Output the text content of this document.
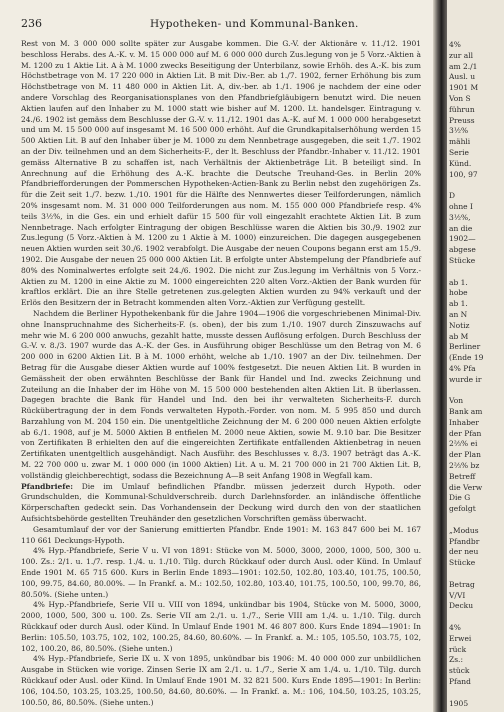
236	Hypotheken- und Kommunal-Banken.

Rest von M. 3 000 000 sollte später zur Ausgabe kommen. Die G.-V. der Aktionäre v. 11./12. 1901 beschloss Herabs. des A.-K. v. M. 15 000 000 auf M. 6 000 000 durch Zus.legung von je 5 Vorz.-Aktien à M. 1200 zu 1 Aktie Lit. A à M. 1000 zwecks Beseitigung der Unterbilanz, sowie Erhöh. des A.-K. bis zum Höchstbetrage von M. 17 220 000 in Aktien Lit. B mit Div.-Ber. ab 1./7. 1902, ferner Erhöhung bis zum Höchstbetrage von M. 11 480 000 in Aktien Lit. A, div.-ber. ab 1./1. 1906 je nachdem der eine oder andere Vorschlag des Reorganisationsplanes von den Pfandbriefgläubigern benutzt wird. Die neuen Aktien laufen auf den Inhaber zu M. 1000 statt wie bisher auf M. 1200. Lt. handelsger. Eintragung v. 24./6. 1902 ist gemäss dem Beschlusse der G.-V. v. 11./12. 1901 das A.-K. auf M. 1 000 000 herabgesetzt und um M. 15 500 000 auf insgesamt M. 16 500 000 erhöht. Auf die Grundkapitalserhöhung werden 15 500 Aktien Lit. B auf den Inhaber über je M. 1000 zu dem Nennbetrage ausgegeben, die seit 1./7. 1902 an der Div. teilnehmen und an dem Sicherheits-F., der lt. Beschluss der Pfandbr.-Inhaber v. 11./12. 1901 gemäss Alternative B zu schaffen ist, nach Verhältnis der Aktienbeträge Lit. B beteiligt sind. In Anrechnung auf die Erhöhung des A.-K. brachte die Deutsche Treuhand-Ges. in Berlin 20% Pfandbriefforderungen der Pommerschen Hypotheken-Actien-Bank zu Berlin nebst den zugehörigen Zs. für die Zeit seit 1./7. bezw. 1./10. 1901 für die Hälfte des Nennwertes dieser Teilforderungen, nämlich 20% insgesamt nom. M. 31 000 000 Teilforderungen aus nom. M. 155 000 000 Pfandbriefe resp. 4% teils 3½%, in die Ges. ein und erhielt dafür 15 500 für voll eingezahlt erachtete Aktien Lit. B zum Nennbetrage. Nach erfolgter Eintragung der obigen Beschlüsse waren die Aktien bis 30./9. 1902 zur Zus.legung (5 Vorz.-Aktien à M. 1200 zu 1 Aktie à M. 1000) einzureichen. Die dagegen ausgegebenen neuen Aktien wurden seit 30./6. 1902 verabfolgt. Die Ausgabe der neuen Coupons begann erst am 15./9. 1902. Die Ausgabe der neuen 25 000 000 Aktien Lit. B erfolgte unter Abstempelung der Pfandbriefe auf 80% des Nominalwertes erfolgte seit 24./6. 1902. Die nicht zur Zus.legung im Verhältnis von 5 Vorz.-Aktien zu M. 1200 in eine Aktie zu M. 1000 eingereichten 220 alten Vorz.-Aktien der Bank wurden für kraftlos erklärt. Die an ihre Stelle getretenen zus.gelegten Aktien wurden zu 94% verkauft und der Erlös den Besitzern der in Betracht kommenden alten Vorz.-Aktien zur Verfügung gestellt.

Nachdem die Berliner Hypothekenbank für die Jahre 1904—1906 die vorgeschriebenen Minimal-Div. ohne Inanspruchnahme des Sicherheits-F. (s. oben), der bis zum 1./10. 1907 durch Zinszuwachs auf mehr wie M. 6 200 000 anwuchs, gezahlt hatte, musste dessen Auflösung erfolgen. Durch Beschluss der G.-V. v. 8./3. 1907 wurde das A.-K. der Ges. in Ausführung obiger Beschlüsse um den Betrag von M. 6 200 000 in 6200 Aktien Lit. B à M. 1000 erhöht, welche ab 1./10. 1907 an der Div. teilnehmen. Der Betrag für die Ausgabe dieser Aktien wurde auf 100% festgesetzt. Die neuen Aktien Lit. B wurden in Gemässheit der oben erwähnten Beschlüsse der Bank für Handel und Ind. zwecks Zeichnung und Zuteilung an die Inhaber der im Höhe von M. 15 500 000 bestehenden alten Aktien Lit. B überlassen. Dagegen brachte die Bank für Handel und Ind. den bei ihr verwalteten Sicherheits-F. durch Rückübertragung der in dem Fonds verwalteten Hypoth.-Forder. von nom. M. 5 995 850 und durch Barzahlung von M. 204 150 ein. Die unentgeltliche Zeichnung der M. 6 200 000 neuen Aktien erfolgte ab 6./1. 1908, auf je M. 5000 Aktien B entfielen M. 2000 neue Aktien, sowie M. 9.10 bar. Die Besitzer von Zertifikaten B erhielten den auf die eingereichten Zertifikate entfallenden Aktienbetrag in neuen Zertifikaten unentgeltlich ausgehändigt. Nach Ausführ. des Beschlusses v. 8./3. 1907 beträgt das A.-K. M. 22 700 000 u. zwar M. 1 000 000 (in 1000 Aktien) Lit. A u. M. 21 700 000 in 21 700 Aktien Lit. B, vollständig gleichberechtigt, sodass die Bezeichnung A—B seit Anfang 1908 in Wegfall kam.

Pfandbriefe: Die im Umlauf befindlichen Pfandbr. müssen jederzeit durch Hypoth. oder Grundschulden, die Kommunal-Schuldverschreib. durch Darlehnsforder. an inländische öffentliche Körperschaften gedeckt sein. Das Vorhandensein der Deckung wird durch den von der staatlichen Aufsichtsbehörde gestellten Treuhänder den gesetzlichen Vorschriften gemäss überwacht.

Gesamtumlauf der vor der Sanierung emittierten Pfandbr. Ende 1901: M. 163 847 600 bei M. 167 110 661 Deckungs-Hypoth.

4% Hyp.-Pfandbriefe, Serie V u. VI von 1891: Stücke von M. 5000, 3000, 2000, 1000, 500, 300 u. 100. Zs.: 2/1. u. 1./7. resp. 1./4. u. 1./10. Tilg. durch Rückkauf oder durch Ausl. oder Künd. In Umlauf Ende 1901 M. 65 715 600. Kurs in Berlin Ende 1893—1901: 102.50, 102.80, 103.40, 101.75, 100.50, 100, 99.75, 84.60, 80.00%. — In Frankf. a. M.: 102.50, 102.80, 103.40, 101.75, 100.50, 100, 99.70, 86, 80.50%. (Siehe unten.)

4% Hyp.-Pfandbriefe, Serie VII u. VIII von 1894, unkündbar bis 1904, Stücke von M. 5000, 3000, 2000, 1000, 500, 300 u. 100. Zs. Serie VII am 2./1. u. 1./7., Serie VIII am 1./4. u. 1./10. Tilg. durch Rückkauf oder durch Ausl. oder Künd. In Umlauf Ende 1901 M. 46 807 800. Kurs Ende 1894—1901: In Berlin: 105.50, 103.75, 102, 102, 100.25, 84.60, 80.60%. — In Frankf. a. M.: 105, 105.50, 103.75, 102, 102, 100.20, 86, 80.50%. (Siehe unten.)

4% Hyp.-Pfandbriefe, Serie IX u. X von 1895, unkündbar bis 1906: M. 40 000 000 zur unbildlichen Ausgabe in Stücken wie vorige. Zinsen Serie IX am 2./1. u. 1./7., Serie X am 1./4. u. 1./10. Tilg. durch Rückkauf oder Ausl. oder Künd. In Umlauf Ende 1901 M. 32 821 500. Kurs Ende 1895—1901: In Berlin: 106, 104.50, 103.25, 103.25, 100.50, 84.60, 80.60%. — In Frankf. a. M.: 106, 104.50, 103.25, 103.25, 100.50, 86, 80.50%. (Siehe unten.)

4%
zur all
am 2./1
Ausl. u
1901 M
Von S
führun
Preuss
3½%
mähli
Serie
Künd.
100, 97
D
ohne I
3½%,
an die
1902—
abgese
Stücke
ab 1.
hobe
ab 1.
an N
Notiz
ab M
Berliner
(Ende 19
4% Pfa
wurde ir
Von
Bank am
Inhaber
der Pfan
2⅔% ei
der Plan
2⅔% bz
Betreff
die Verw
Die G
gefolgt
„Modus
Pfandbr
der neu
Stücke
Betrag
V/VI
Decku
4%
Erwei
rück
Zs.:
stück
Pfand
1905
